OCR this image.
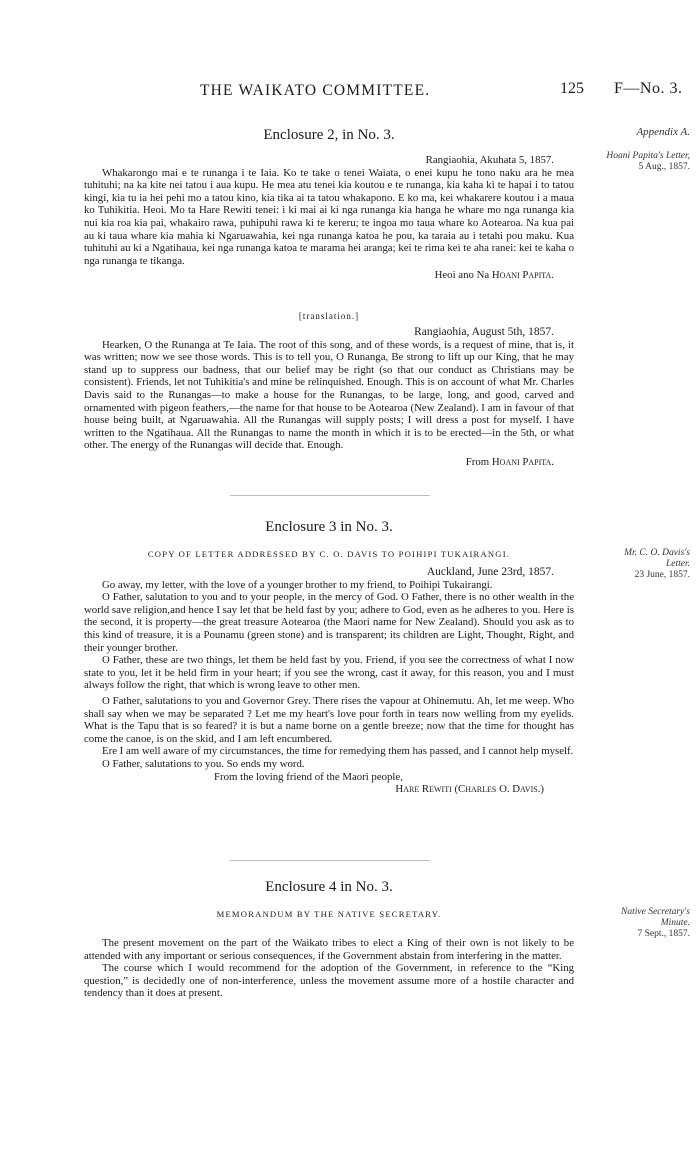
THE WAIKATO COMMITTEE.	125 F—No. 3.
Appendix A.
Hoani Papita's Letter,
5 Aug., 1857.
Mr. C. O. Davis's
Letter.
23 June, 1857.
Native Secretary's
Minute.
7 Sept., 1857.
Enclosure 2, in No. 3.

Rangiaohia, Akuhata 5, 1857.

Whakarongo mai e te runanga i te Iaia. Ko te take o tenei Waiata, o enei kupu he tono naku ara he mea tuhituhi; na ka kite nei tatou i aua kupu. He mea atu tenei kia koutou e te runanga, kia kaha ki te hapai i to tatou kingi, kia tu ia hei pehi mo a tatou kino, kia tika ai ta tatou whakapono. E ko ma, kei whakarere koutou i a maua ko Tuhikitia. Heoi. Mo ta Hare Rewiti tenei: i ki mai ai ki nga runanga kia hanga he whare mo nga runanga kia nui kia roa kia pai, whakairo rawa, puhipuhi rawa ki te kereru; te ingoa mo taua whare ko Aotearoa. Na kua pai au ki taua whare kia mahia ki Ngaruawahia, kei nga runanga katoa he pou, ka taraia au i tetahi pou maku. Kua tuhituhi au ki a Ngatihaua, kei nga runanga katoa te marama hei aranga; kei te rima kei te aha ranei: kei te kaha o nga runanga te tikanga.

Heoi ano Na Hoani Papita.

[translation.]

Rangiaohia, August 5th, 1857.

Hearken, O the Runanga at Te Iaia. The root of this song, and of these words, is a request of mine, that is, it was written; now we see those words. This is to tell you, O Runanga, Be strong to lift up our King, that he may stand up to suppress our badness, that our belief may be right (so that our conduct as Christians may be consistent). Friends, let not Tuhikitia's and mine be relinquished. Enough. This is on account of what Mr. Charles Davis said to the Runangas—to make a house for the Runangas, to be large, long, and good, carved and ornamented with pigeon feathers,—the name for that house to be Aotearoa (New Zealand). I am in favour of that house being built, at Ngaruawahia. All the Runangas will supply posts; I will dress a post for myself. I have written to the Ngatihaua. All the Runangas to name the month in which it is to be erected—in the 5th, or what other. The energy of the Runangas will decide that. Enough.

From Hoani Papita.

Enclosure 3 in No. 3.
COPY OF LETTER ADDRESSED BY C. O. DAVIS TO POIHIPI TUKAIRANGI.

Auckland, June 23rd, 1857.

Go away, my letter, with the love of a younger brother to my friend, to Poihipi Tukairangi.

O Father, salutation to you and to your people, in the mercy of God. O Father, there is no other wealth in the world save religion,and hence I say let that be held fast by you; adhere to God, even as he adheres to you. Here is the second, it is property—the great treasure Aotearoa (the Maori name for New Zealand). Should you ask as to this kind of treasure, it is a Pounamu (green stone) and is transparent; its children are Light, Thought, Right, and their younger brother.

O Father, these are two things, let them be held fast by you. Friend, if you see the correctness of what I now state to you, let it be held firm in your heart; if you see the wrong, cast it away, for this reason, you and I must always follow the right, that which is wrong leave to other men.

O Father, salutations to you and Governor Grey. There rises the vapour at Ohinemutu. Ah, let me weep. Who shall say when we may be separated ? Let me my heart's love pour forth in tears now welling from my eyelids. What is the Tapu that is so feared? it is but a name borne on a gentle breeze; now that the time for thought has come the canoe, is on the skid, and I am left encumbered.

Ere I am well aware of my circumstances, the time for remedying them has passed, and I cannot help myself.

O Father, salutations to you. So ends my word.

From the loving friend of the Maori people,

Hare Rewiti (Charles O. Davis.)

Enclosure 4 in No. 3.
MEMORANDUM BY THE NATIVE SECRETARY.

The present movement on the part of the Waikato tribes to elect a King of their own is not likely to be attended with any important or serious consequences, if the Government abstain from interfering in the matter.

The course which I would recommend for the adoption of the Government, in reference to the “King question,” is decidedly one of non-interference, unless the movement assume more of a hostile character and tendency than it does at present.
